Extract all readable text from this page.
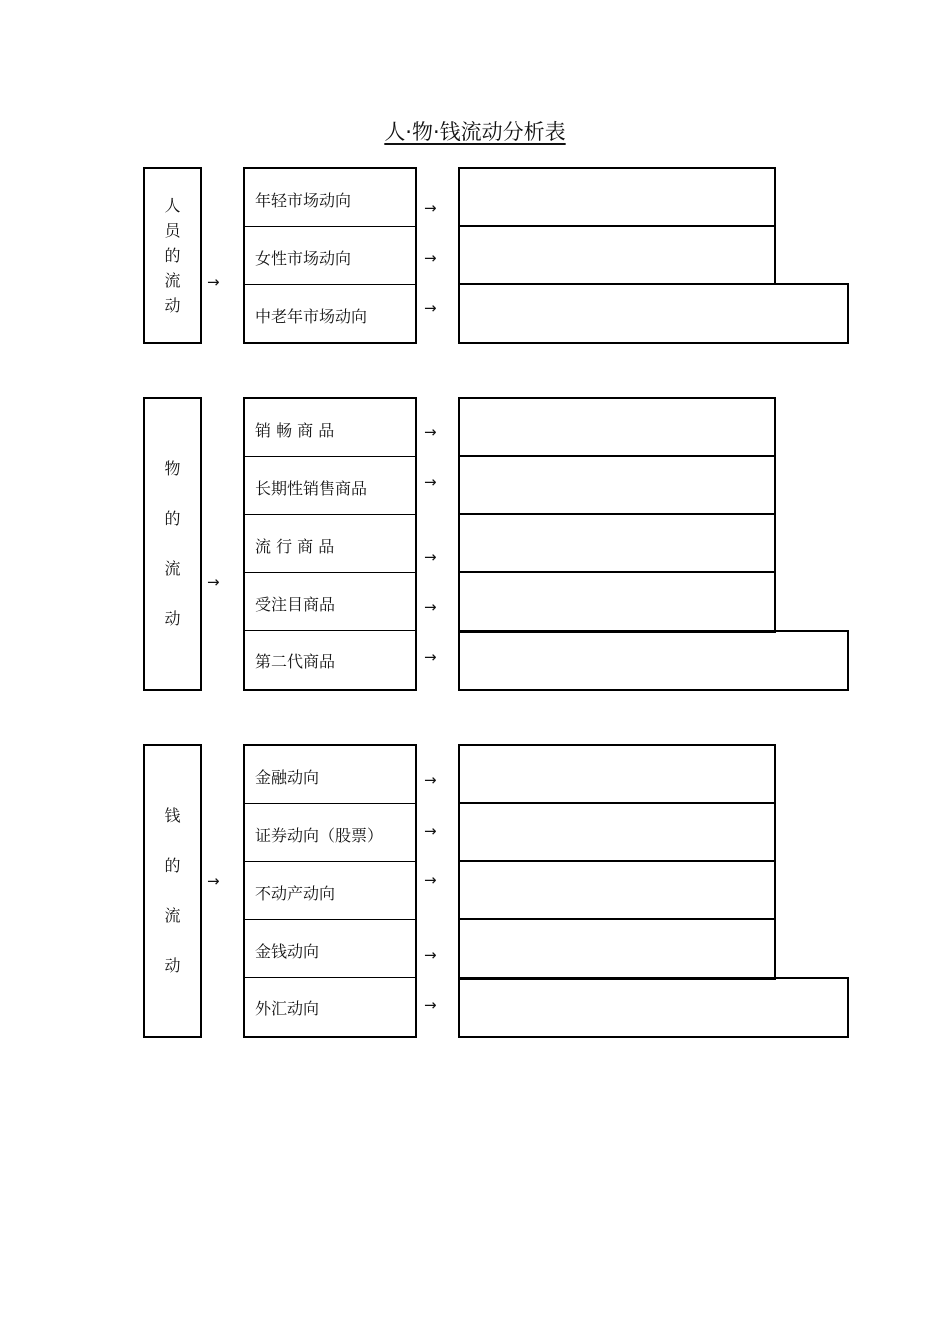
人·物·钱流动分析表
人
员
的
流
动
→
年轻市场动向
女性市场动向
中老年市场动向
→
→
→
物
的
流
动
→
销 畅 商 品
长期性销售商品
流 行 商 品
受注目商品
第二代商品
→
→
→
→
→
钱
的
流
动
→
金融动向
证券动向（股票）
不动产动向
金钱动向
外汇动向
→
→
→
→
→
